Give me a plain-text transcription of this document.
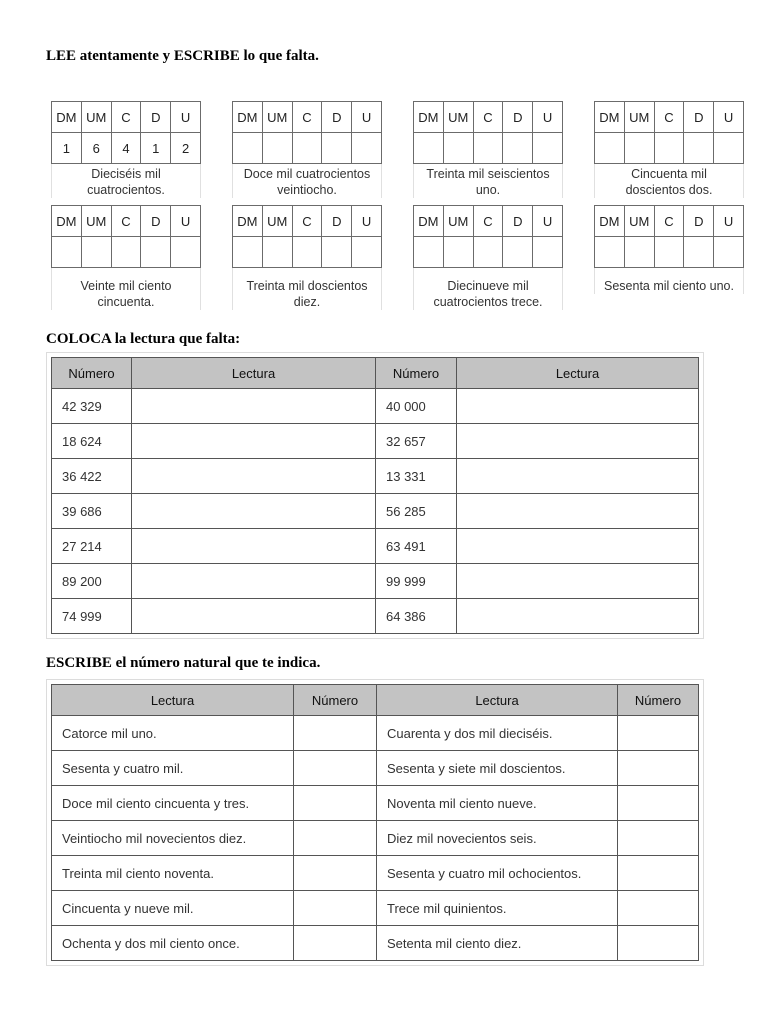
LEE atentamente y ESCRIBE lo que falta.
DM	UM	C	D	U
1	6	4	1	2
Dieciséis mil
cuatrocientos.
DM	UM	C	D	U

Doce mil cuatrocientos
veintiocho.
DM	UM	C	D	U

Treinta mil seiscientos
uno.
DM	UM	C	D	U

Cincuenta mil
doscientos dos.
DM	UM	C	D	U

Veinte mil ciento
cincuenta.
DM	UM	C	D	U

Treinta mil doscientos
diez.
DM	UM	C	D	U

Diecinueve mil
cuatrocientos trece.
DM	UM	C	D	U

Sesenta mil ciento uno.
COLOCA la lectura que falta:
Número	Lectura	Número	Lectura
42 329		40 000	
18 624		32 657	
36 422		13 331	
39 686		56 285	
27 214		63 491	
89 200		99 999	
74 999		64 386	
ESCRIBE el número natural que te indica.
Lectura	Número	Lectura	Número
Catorce mil uno.		Cuarenta y dos mil dieciséis.	
Sesenta y cuatro mil.		Sesenta y siete mil doscientos.	
Doce mil ciento cincuenta y tres.		Noventa mil ciento nueve.	
Veintiocho mil novecientos diez.		Diez mil novecientos seis.	
Treinta mil ciento noventa.		Sesenta y cuatro mil ochocientos.	
Cincuenta y nueve mil.		Trece mil quinientos.	
Ochenta y dos mil ciento once.		Setenta mil ciento diez.	
